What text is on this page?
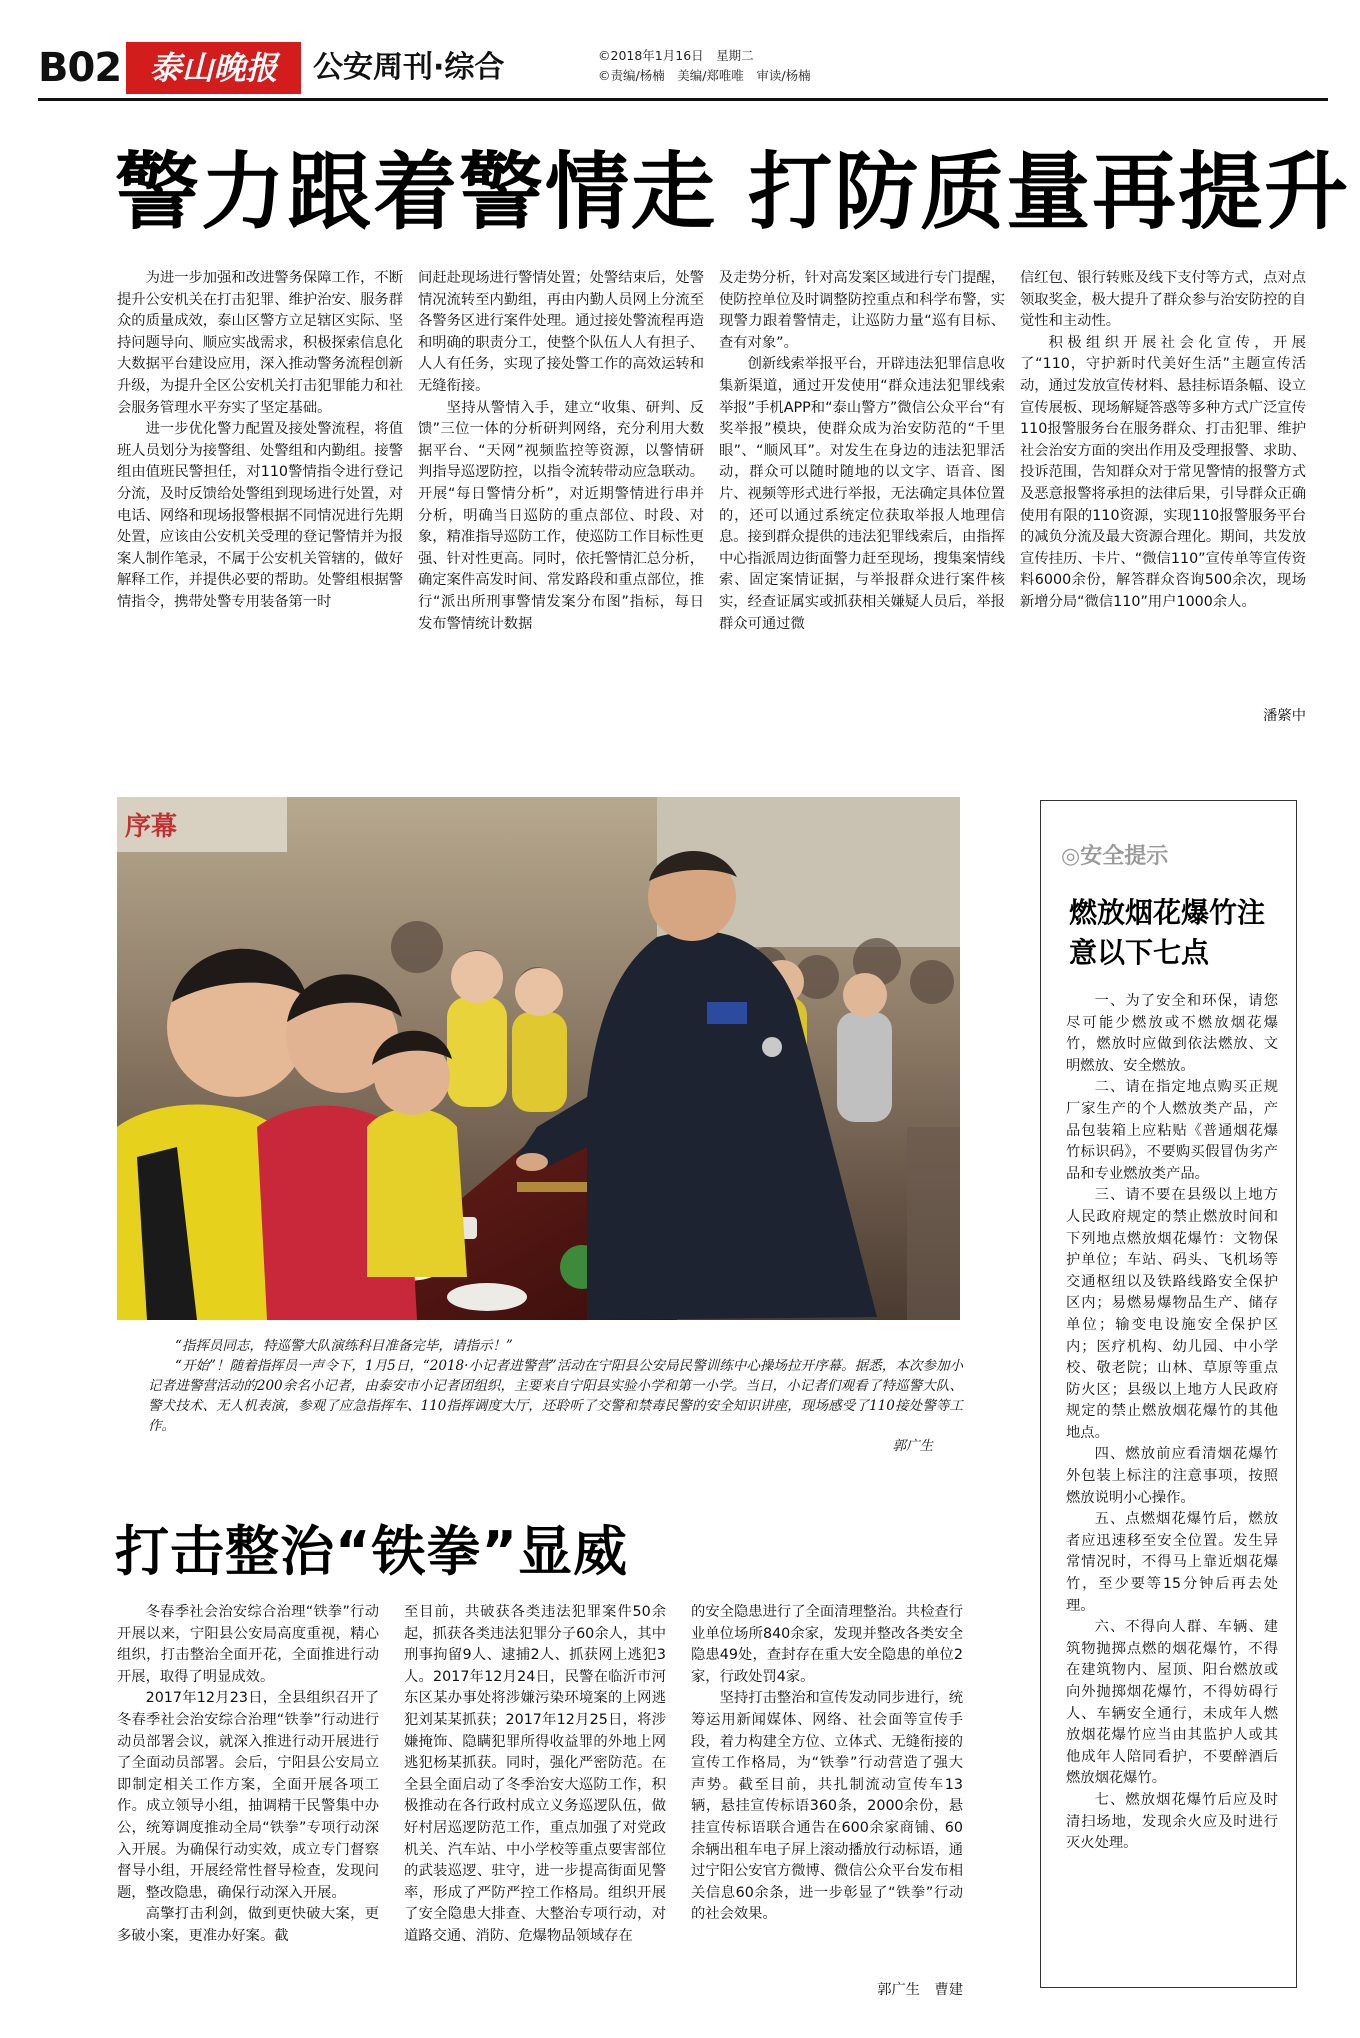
B02 泰山晚报	公安周刊·综合	©2018年1月16日　星期二
©责编/杨楠　美编/郑唯唯　审读/杨楠
警力跟着警情走 打防质量再提升

为进一步加强和改进警务保障工作，不断提升公安机关在打击犯罪、维护治安、服务群众的质量成效，泰山区警方立足辖区实际、坚持问题导向、顺应实战需求，积极探索信息化大数据平台建设应用，深入推动警务流程创新升级，为提升全区公安机关打击犯罪能力和社会服务管理水平夯实了坚定基础。

进一步优化警力配置及接处警流程，将值班人员划分为接警组、处警组和内勤组。接警组由值班民警担任，对110警情指令进行登记分流，及时反馈给处警组到现场进行处置，对电话、网络和现场报警根据不同情况进行先期处置，应该由公安机关受理的登记警情并为报案人制作笔录，不属于公安机关管辖的，做好解释工作，并提供必要的帮助。处警组根据警情指令，携带处警专用装备第一时

间赶赴现场进行警情处置；处警结束后，处警情况流转至内勤组，再由内勤人员网上分流至各警务区进行案件处理。通过接处警流程再造和明确的职责分工，使整个队伍人人有担子、人人有任务，实现了接处警工作的高效运转和无缝衔接。

坚持从警情入手，建立“收集、研判、反馈”三位一体的分析研判网络，充分利用大数据平台、“天网”视频监控等资源，以警情研判指导巡逻防控，以指令流转带动应急联动。开展“每日警情分析”，对近期警情进行串并分析，明确当日巡防的重点部位、时段、对象，精准指导巡防工作，使巡防工作目标性更强、针对性更高。同时，依托警情汇总分析，确定案件高发时间、常发路段和重点部位，推行“派出所刑事警情发案分布图”指标，每日发布警情统计数据

及走势分析，针对高发案区域进行专门提醒，使防控单位及时调整防控重点和科学布警，实现警力跟着警情走，让巡防力量“巡有目标、查有对象”。

创新线索举报平台，开辟违法犯罪信息收集新渠道，通过开发使用“群众违法犯罪线索举报”手机APP和“泰山警方”微信公众平台“有奖举报”模块，使群众成为治安防范的“千里眼”、“顺风耳”。对发生在身边的违法犯罪活动，群众可以随时随地的以文字、语音、图片、视频等形式进行举报，无法确定具体位置的，还可以通过系统定位获取举报人地理信息。接到群众提供的违法犯罪线索后，由指挥中心指派周边街面警力赶至现场，搜集案情线索、固定案情证据，与举报群众进行案件核实，经查证属实或抓获相关嫌疑人员后，举报群众可通过微

信红包、银行转账及线下支付等方式，点对点领取奖金，极大提升了群众参与治安防控的自觉性和主动性。

积极组织开展社会化宣传，开展了“110，守护新时代美好生活”主题宣传活动，通过发放宣传材料、悬挂标语条幅、设立宣传展板、现场解疑答惑等多种方式广泛宣传110报警服务台在服务群众、打击犯罪、维护社会治安方面的突出作用及受理报警、求助、投诉范围，告知群众对于常见警情的报警方式及恶意报警将承担的法律后果，引导群众正确使用有限的110资源，实现110报警服务平台的减负分流及最大资源合理化。期间，共发放宣传挂历、卡片、“微信110”宣传单等宣传资料6000余份，解答群众咨询500余次，现场新增分局“微信110”用户1000余人。

潘綮中
序幕

“指挥员同志，特巡警大队演练科目准备完毕，请指示！”

“开始”！随着指挥员一声令下，1月5日，“2018·小记者进警营”活动在宁阳县公安局民警训练中心操场拉开序幕。据悉，本次参加小记者进警营活动的200余名小记者，由泰安市小记者团组织，主要来自宁阳县实验小学和第一小学。当日，小记者们观看了特巡警大队、警犬技术、无人机表演，参观了应急指挥车、110指挥调度大厅，还聆听了交警和禁毒民警的安全知识讲座，现场感受了110接处警等工作。

郭广生
打击整治“铁拳”显威

冬春季社会治安综合治理“铁拳”行动开展以来，宁阳县公安局高度重视，精心组织，打击整治全面开花，全面推进行动开展，取得了明显成效。

2017年12月23日，全县组织召开了冬春季社会治安综合治理“铁拳”行动进行动员部署会议，就深入推进行动开展进行了全面动员部署。会后，宁阳县公安局立即制定相关工作方案，全面开展各项工作。成立领导小组，抽调精干民警集中办公，统筹调度推动全局“铁拳”专项行动深入开展。为确保行动实效，成立专门督察督导小组，开展经常性督导检查，发现问题，整改隐患，确保行动深入开展。

高擎打击利剑，做到更快破大案，更多破小案，更准办好案。截

至目前，共破获各类违法犯罪案件50余起，抓获各类违法犯罪分子60余人，其中刑事拘留9人、逮捕2人、抓获网上逃犯3人。2017年12月24日，民警在临沂市河东区某办事处将涉嫌污染环境案的上网逃犯刘某某抓获；2017年12月25日，将涉嫌掩饰、隐瞒犯罪所得收益罪的外地上网逃犯杨某抓获。同时，强化严密防范。在全县全面启动了冬季治安大巡防工作，积极推动在各行政村成立义务巡逻队伍，做好村居巡逻防范工作，重点加强了对党政机关、汽车站、中小学校等重点要害部位的武装巡逻、驻守，进一步提高街面见警率，形成了严防严控工作格局。组织开展了安全隐患大排查、大整治专项行动，对道路交通、消防、危爆物品领域存在

的安全隐患进行了全面清理整治。共检查行业单位场所840余家，发现并整改各类安全隐患49处，查封存在重大安全隐患的单位2家，行政处罚4家。

坚持打击整治和宣传发动同步进行，统筹运用新闻媒体、网络、社会面等宣传手段，着力构建全方位、立体式、无缝衔接的宣传工作格局，为“铁拳”行动营造了强大声势。截至目前，共扎制流动宣传车13辆，悬挂宣传标语360条，2000余份，悬挂宣传标语联合通告在600余家商铺、60余辆出租车电子屏上滚动播放行动标语，通过宁阳公安官方微博、微信公众平台发布相关信息60余条，进一步彰显了“铁拳”行动的社会效果。

郭广生　曹建
◎安全提示
燃放烟花爆竹注意以下七点

一、为了安全和环保，请您尽可能少燃放或不燃放烟花爆竹，燃放时应做到依法燃放、文明燃放、安全燃放。

二、请在指定地点购买正规厂家生产的个人燃放类产品，产品包装箱上应粘贴《普通烟花爆竹标识码》，不要购买假冒伪劣产品和专业燃放类产品。

三、请不要在县级以上地方人民政府规定的禁止燃放时间和下列地点燃放烟花爆竹：文物保护单位；车站、码头、飞机场等交通枢纽以及铁路线路安全保护区内；易燃易爆物品生产、储存单位；输变电设施安全保护区内；医疗机构、幼儿园、中小学校、敬老院；山林、草原等重点防火区；县级以上地方人民政府规定的禁止燃放烟花爆竹的其他地点。

四、燃放前应看清烟花爆竹外包装上标注的注意事项，按照燃放说明小心操作。

五、点燃烟花爆竹后，燃放者应迅速移至安全位置。发生异常情况时，不得马上靠近烟花爆竹，至少要等15分钟后再去处理。

六、不得向人群、车辆、建筑物抛掷点燃的烟花爆竹，不得在建筑物内、屋顶、阳台燃放或向外抛掷烟花爆竹，不得妨碍行人、车辆安全通行，未成年人燃放烟花爆竹应当由其监护人或其他成年人陪同看护，不要醉酒后燃放烟花爆竹。

七、燃放烟花爆竹后应及时清扫场地，发现余火应及时进行灭火处理。
